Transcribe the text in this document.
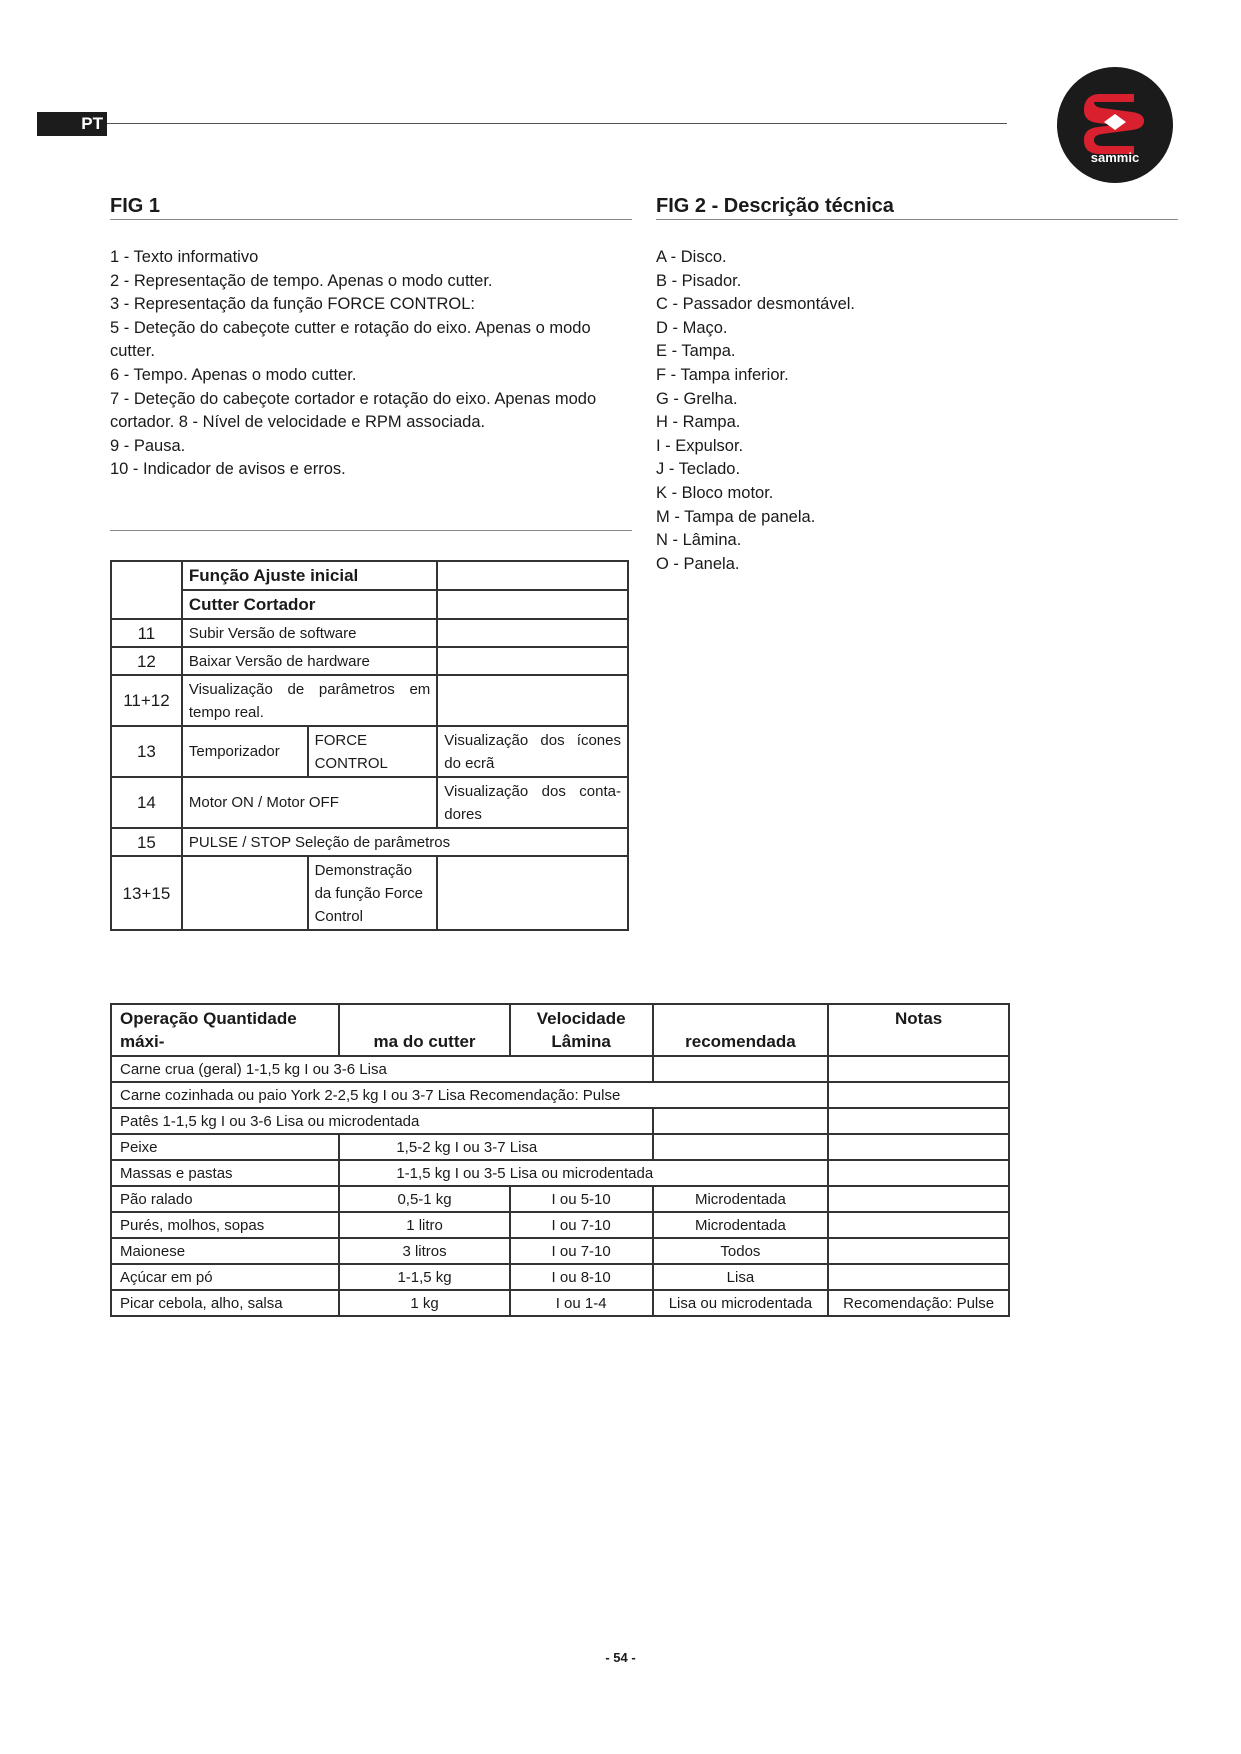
PT
sammic
FIG 1
1 - Texto informativo
2 - Representação de tempo. Apenas o modo cutter.
3 - Representação da função FORCE CONTROL:
5 - Deteção do cabeçote cutter e rotação do eixo. Apenas o modo cutter.
6 - Tempo. Apenas o modo cutter.
7 - Deteção do cabeçote cortador e rotação do eixo. Apenas modo cortador. 8 - Nível de velocidade e RPM associada.
9 - Pausa.
10 - Indicador de avisos e erros.
FIG 2 - Descrição técnica
A - Disco.
B - Pisador.
C - Passador desmontável.
D - Maço.
E - Tampa.
F - Tampa inferior.
G - Grelha.
H - Rampa.
I - Expulsor.
J - Teclado.
K - Bloco motor.
M - Tampa de panela.
N - Lâmina.
O - Panela.
	Função Ajuste inicial		
	Cutter Cortador		
11	Subir Versão de software		
12	Baixar Versão de hardware		
11+12	Visualização de parâmetros em tempo real.		
13	Temporizador	FORCE CONTROL	Visualização dos ícones do ecrã
14	Motor ON / Motor OFF		Visualização dos conta-dores
15	PULSE / STOP Seleção de parâmetros		
13+15		Demonstração da função Force Control	
Operação Quantidade máxi-	ma do cutter	Velocidade Lâmina	recomendada	Notas
Carne crua (geral) 1-1,5 kg I ou 3-6 Lisa				
Carne cozinhada ou paio York 2-2,5 kg I ou 3-7 Lisa Recomendação: Pulse				
Patês 1-1,5 kg I ou 3-6 Lisa ou microdentada				
Peixe	1,5-2 kg I ou 3-7 Lisa			
Massas e pastas	1-1,5 kg I ou 3-5 Lisa ou microdentada			
Pão ralado	0,5-1 kg	I ou 5-10	Microdentada	
Purés, molhos, sopas	1 litro	I ou 7-10	Microdentada	
Maionese	3 litros	I ou 7-10	Todos	
Açúcar em pó	1-1,5 kg	I ou 8-10	Lisa	
Picar cebola, alho, salsa	1 kg	I ou 1-4	Lisa ou microdentada	Recomendação: Pulse
- 54 -
